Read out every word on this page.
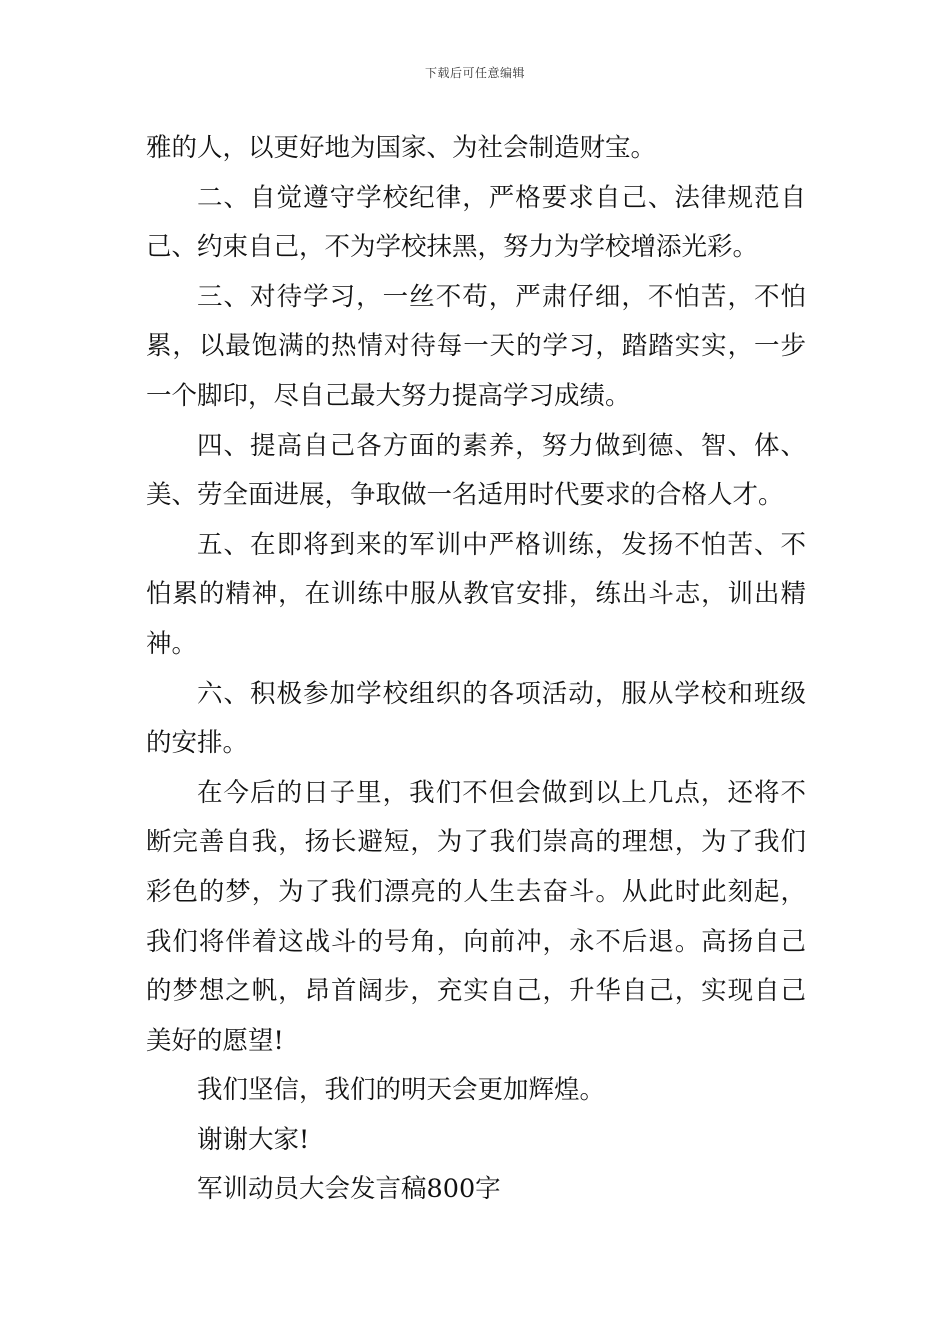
下载后可任意编辑

雅的人，以更好地为国家、为社会制造财宝。

二、自觉遵守学校纪律，严格要求自己、法律规范自己、约束自己，不为学校抹黑，努力为学校增添光彩。

三、对待学习，一丝不苟，严肃仔细，不怕苦，不怕累，以最饱满的热情对待每一天的学习，踏踏实实，一步一个脚印，尽自己最大努力提高学习成绩。

四、提高自己各方面的素养，努力做到德、智、体、美、劳全面进展，争取做一名适用时代要求的合格人才。

五、在即将到来的军训中严格训练，发扬不怕苦、不怕累的精神，在训练中服从教官安排，练出斗志，训出精神。

六、积极参加学校组织的各项活动，服从学校和班级的安排。

在今后的日子里，我们不但会做到以上几点，还将不断完善自我，扬长避短，为了我们崇高的理想，为了我们彩色的梦，为了我们漂亮的人生去奋斗。从此时此刻起，我们将伴着这战斗的号角，向前冲，永不后退。高扬自己的梦想之帆，昂首阔步，充实自己，升华自己，实现自己美好的愿望!

我们坚信，我们的明天会更加辉煌。

谢谢大家!

军训动员大会发言稿800字
